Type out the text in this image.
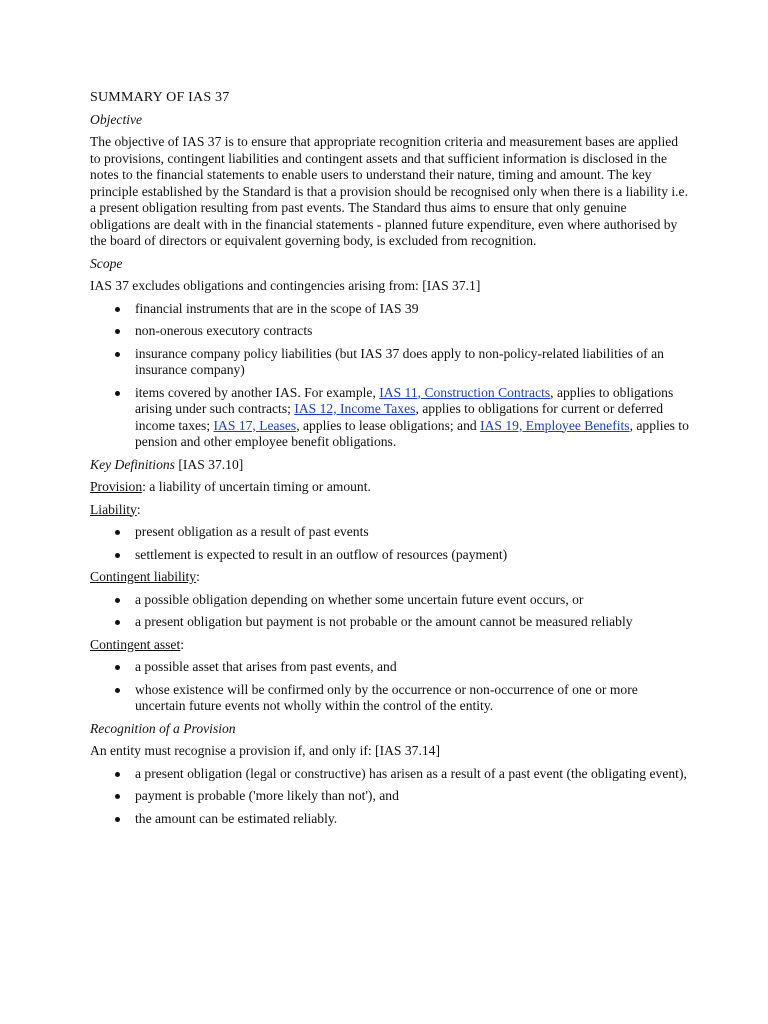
SUMMARY OF IAS 37
Objective

The objective of IAS 37 is to ensure that appropriate recognition criteria and measurement bases are applied to provisions, contingent liabilities and contingent assets and that sufficient information is disclosed in the notes to the financial statements to enable users to understand their nature, timing and amount. The key principle established by the Standard is that a provision should be recognised only when there is a liability i.e. a present obligation resulting from past events. The Standard thus aims to ensure that only genuine obligations are dealt with in the financial statements - planned future expenditure, even where authorised by the board of directors or equivalent governing body, is excluded from recognition.

Scope

IAS 37 excludes obligations and contingencies arising from: [IAS 37.1]

financial instruments that are in the scope of IAS 39
non-onerous executory contracts
insurance company policy liabilities (but IAS 37 does apply to non-policy-related liabilities of an insurance company)
items covered by another IAS. For example, IAS 11, Construction Contracts, applies to obligations arising under such contracts; IAS 12, Income Taxes, applies to obligations for current or deferred income taxes; IAS 17, Leases, applies to lease obligations; and IAS 19, Employee Benefits, applies to pension and other employee benefit obligations.

Key Definitions [IAS 37.10]

Provision: a liability of uncertain timing or amount.

Liability:

present obligation as a result of past events
settlement is expected to result in an outflow of resources (payment)

Contingent liability:

a possible obligation depending on whether some uncertain future event occurs, or
a present obligation but payment is not probable or the amount cannot be measured reliably

Contingent asset:

a possible asset that arises from past events, and
whose existence will be confirmed only by the occurrence or non-occurrence of one or more uncertain future events not wholly within the control of the entity.
Recognition of a Provision

An entity must recognise a provision if, and only if: [IAS 37.14]

a present obligation (legal or constructive) has arisen as a result of a past event (the obligating event),
payment is probable ('more likely than not'), and
the amount can be estimated reliably.
